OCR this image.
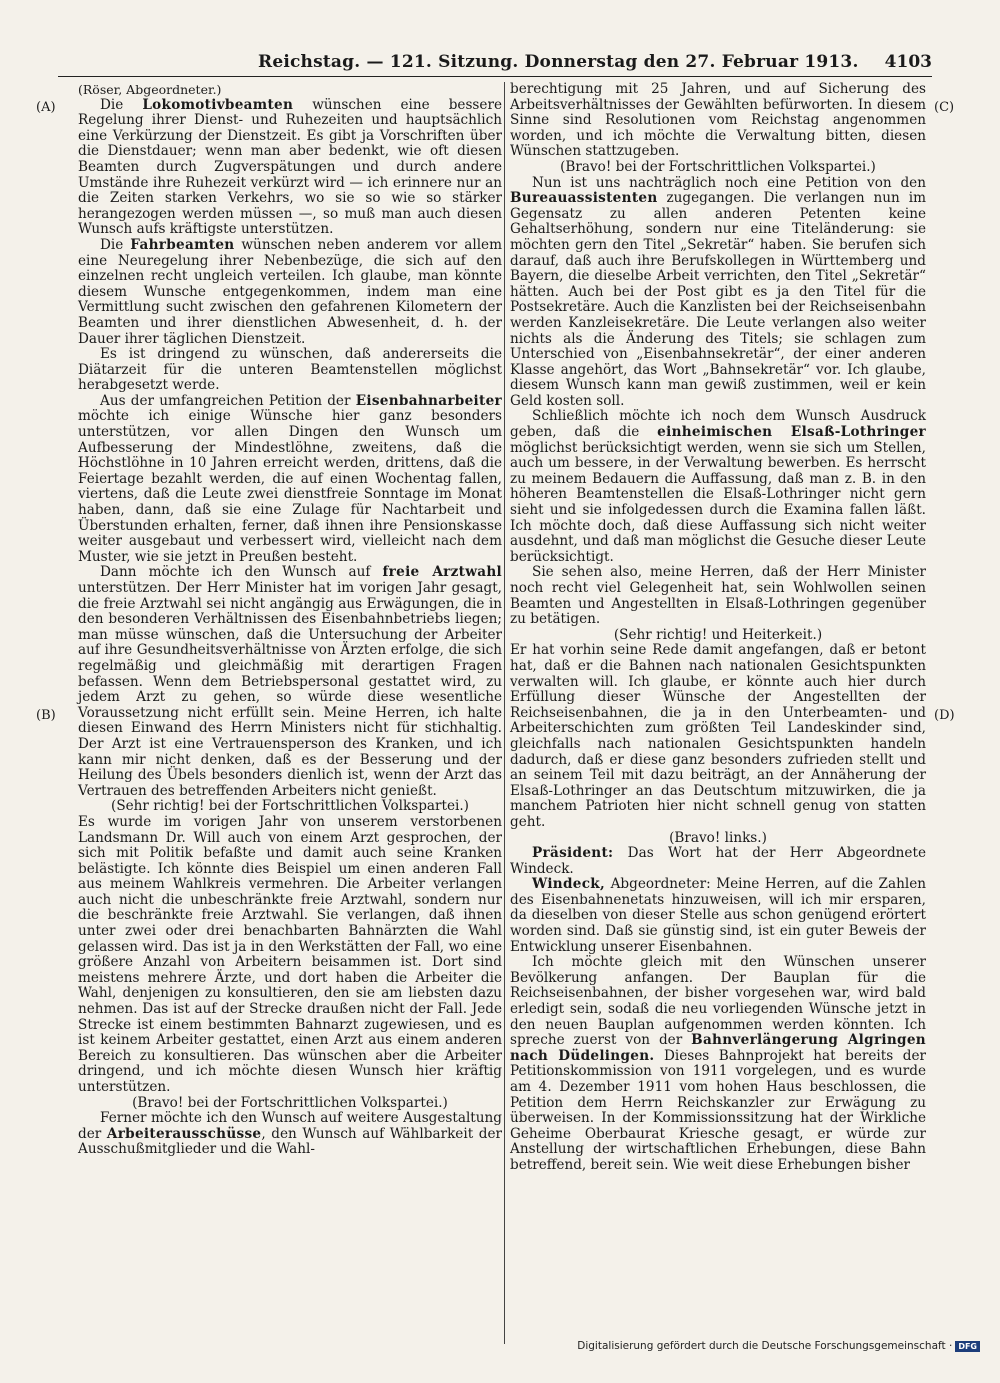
Reichstag. — 121. Sitzung. Donnerstag den 27. Februar 1913. 4103
(A)
(B)
(C)
(D)

(Röser, Abgeordneter.)

Die Lokomotivbeamten wünschen eine bessere Regelung ihrer Dienst- und Ruhezeiten und hauptsächlich eine Verkürzung der Dienstzeit. Es gibt ja Vorschriften über die Dienstdauer; wenn man aber bedenkt, wie oft diesen Beamten durch Zugverspätungen und durch andere Umstände ihre Ruhezeit verkürzt wird — ich erinnere nur an die Zeiten starken Verkehrs, wo sie so wie so stärker herangezogen werden müssen —, so muß man auch diesen Wunsch aufs kräftigste unterstützen.

Die Fahrbeamten wünschen neben anderem vor allem eine Neuregelung ihrer Nebenbezüge, die sich auf den einzelnen recht ungleich verteilen. Ich glaube, man könnte diesem Wunsche entgegenkommen, indem man eine Vermittlung sucht zwischen den gefahrenen Kilometern der Beamten und ihrer dienstlichen Abwesenheit, d. h. der Dauer ihrer täglichen Dienstzeit.

Es ist dringend zu wünschen, daß andererseits die Diätarzeit für die unteren Beamtenstellen möglichst herabgesetzt werde.

Aus der umfangreichen Petition der Eisenbahnarbeiter möchte ich einige Wünsche hier ganz besonders unterstützen, vor allen Dingen den Wunsch um Aufbesserung der Mindestlöhne, zweitens, daß die Höchstlöhne in 10 Jahren erreicht werden, drittens, daß die Feiertage bezahlt werden, die auf einen Wochentag fallen, viertens, daß die Leute zwei dienstfreie Sonntage im Monat haben, dann, daß sie eine Zulage für Nachtarbeit und Überstunden erhalten, ferner, daß ihnen ihre Pensionskasse weiter ausgebaut und verbessert wird, vielleicht nach dem Muster, wie sie jetzt in Preußen besteht.

Dann möchte ich den Wunsch auf freie Arztwahl unterstützen. Der Herr Minister hat im vorigen Jahr gesagt, die freie Arztwahl sei nicht angängig aus Erwägungen, die in den besonderen Verhältnissen des Eisenbahnbetriebs liegen; man müsse wünschen, daß die Untersuchung der Arbeiter auf ihre Gesundheitsverhältnisse von Ärzten erfolge, die sich regelmäßig und gleichmäßig mit derartigen Fragen befassen. Wenn dem Betriebspersonal gestattet wird, zu jedem Arzt zu gehen, so würde diese wesentliche Voraussetzung nicht erfüllt sein. Meine Herren, ich halte diesen Einwand des Herrn Ministers nicht für stichhaltig. Der Arzt ist eine Vertrauensperson des Kranken, und ich kann mir nicht denken, daß es der Besserung und der Heilung des Übels besonders dienlich ist, wenn der Arzt das Vertrauen des betreffenden Arbeiters nicht genießt.

(Sehr richtig! bei der Fortschrittlichen Volkspartei.)

Es wurde im vorigen Jahr von unserem verstorbenen Landsmann Dr. Will auch von einem Arzt gesprochen, der sich mit Politik befaßte und damit auch seine Kranken belästigte. Ich könnte dies Beispiel um einen anderen Fall aus meinem Wahlkreis vermehren. Die Arbeiter verlangen auch nicht die unbeschränkte freie Arztwahl, sondern nur die beschränkte freie Arztwahl. Sie verlangen, daß ihnen unter zwei oder drei benachbarten Bahnärzten die Wahl gelassen wird. Das ist ja in den Werkstätten der Fall, wo eine größere Anzahl von Arbeitern beisammen ist. Dort sind meistens mehrere Ärzte, und dort haben die Arbeiter die Wahl, denjenigen zu konsultieren, den sie am liebsten dazu nehmen. Das ist auf der Strecke draußen nicht der Fall. Jede Strecke ist einem bestimmten Bahnarzt zugewiesen, und es ist keinem Arbeiter gestattet, einen Arzt aus einem anderen Bereich zu konsultieren. Das wünschen aber die Arbeiter dringend, und ich möchte diesen Wunsch hier kräftig unterstützen.

(Bravo! bei der Fortschrittlichen Volkspartei.)

Ferner möchte ich den Wunsch auf weitere Ausgestaltung der Arbeiterausschüsse, den Wunsch auf Wählbarkeit der Ausschußmitglieder und die Wahl-

berechtigung mit 25 Jahren, und auf Sicherung des Arbeitsverhältnisses der Gewählten befürworten. In diesem Sinne sind Resolutionen vom Reichstag angenommen worden, und ich möchte die Verwaltung bitten, diesen Wünschen stattzugeben.

(Bravo! bei der Fortschrittlichen Volkspartei.)

Nun ist uns nachträglich noch eine Petition von den Bureauassistenten zugegangen. Die verlangen nun im Gegensatz zu allen anderen Petenten keine Gehaltserhöhung, sondern nur eine Titeländerung: sie möchten gern den Titel „Sekretär“ haben. Sie berufen sich darauf, daß auch ihre Berufskollegen in Württemberg und Bayern, die dieselbe Arbeit verrichten, den Titel „Sekretär“ hätten. Auch bei der Post gibt es ja den Titel für die Postsekretäre. Auch die Kanzlisten bei der Reichseisenbahn werden Kanzleisekretäre. Die Leute verlangen also weiter nichts als die Änderung des Titels; sie schlagen zum Unterschied von „Eisenbahnsekretär“, der einer anderen Klasse angehört, das Wort „Bahnsekretär“ vor. Ich glaube, diesem Wunsch kann man gewiß zustimmen, weil er kein Geld kosten soll.

Schließlich möchte ich noch dem Wunsch Ausdruck geben, daß die einheimischen Elsaß-Lothringer möglichst berücksichtigt werden, wenn sie sich um Stellen, auch um bessere, in der Verwaltung bewerben. Es herrscht zu meinem Bedauern die Auffassung, daß man z. B. in den höheren Beamtenstellen die Elsaß-Lothringer nicht gern sieht und sie infolgedessen durch die Examina fallen läßt. Ich möchte doch, daß diese Auffassung sich nicht weiter ausdehnt, und daß man möglichst die Gesuche dieser Leute berücksichtigt.

Sie sehen also, meine Herren, daß der Herr Minister noch recht viel Gelegenheit hat, sein Wohlwollen seinen Beamten und Angestellten in Elsaß-Lothringen gegenüber zu betätigen.

(Sehr richtig! und Heiterkeit.)

Er hat vorhin seine Rede damit angefangen, daß er betont hat, daß er die Bahnen nach nationalen Gesichtspunkten verwalten will. Ich glaube, er könnte auch hier durch Erfüllung dieser Wünsche der Angestellten der Reichseisenbahnen, die ja in den Unterbeamten- und Arbeiterschichten zum größten Teil Landeskinder sind, gleichfalls nach nationalen Gesichtspunkten handeln dadurch, daß er diese ganz besonders zufrieden stellt und an seinem Teil mit dazu beiträgt, an der Annäherung der Elsaß-Lothringer an das Deutschtum mitzuwirken, die ja manchem Patrioten hier nicht schnell genug von statten geht.

(Bravo! links.)

Präsident: Das Wort hat der Herr Abgeordnete Windeck.

Windeck, Abgeordneter: Meine Herren, auf die Zahlen des Eisenbahnenetats hinzuweisen, will ich mir ersparen, da dieselben von dieser Stelle aus schon genügend erörtert worden sind. Daß sie günstig sind, ist ein guter Beweis der Entwicklung unserer Eisenbahnen.

Ich möchte gleich mit den Wünschen unserer Bevölkerung anfangen. Der Bauplan für die Reichseisenbahnen, der bisher vorgesehen war, wird bald erledigt sein, sodaß die neu vorliegenden Wünsche jetzt in den neuen Bauplan aufgenommen werden könnten. Ich spreche zuerst von der Bahnverlängerung Algringen nach Düdelingen. Dieses Bahnprojekt hat bereits der Petitionskommission von 1911 vorgelegen, und es wurde am 4. Dezember 1911 vom hohen Haus beschlossen, die Petition dem Herrn Reichskanzler zur Erwägung zu überweisen. In der Kommissionssitzung hat der Wirkliche Geheime Oberbaurat Kriesche gesagt, er würde zur Anstellung der wirtschaftlichen Erhebungen, diese Bahn betreffend, bereit sein. Wie weit diese Erhebungen bisher

Digitalisierung gefördert durch die Deutsche Forschungsgemeinschaft · DFG
